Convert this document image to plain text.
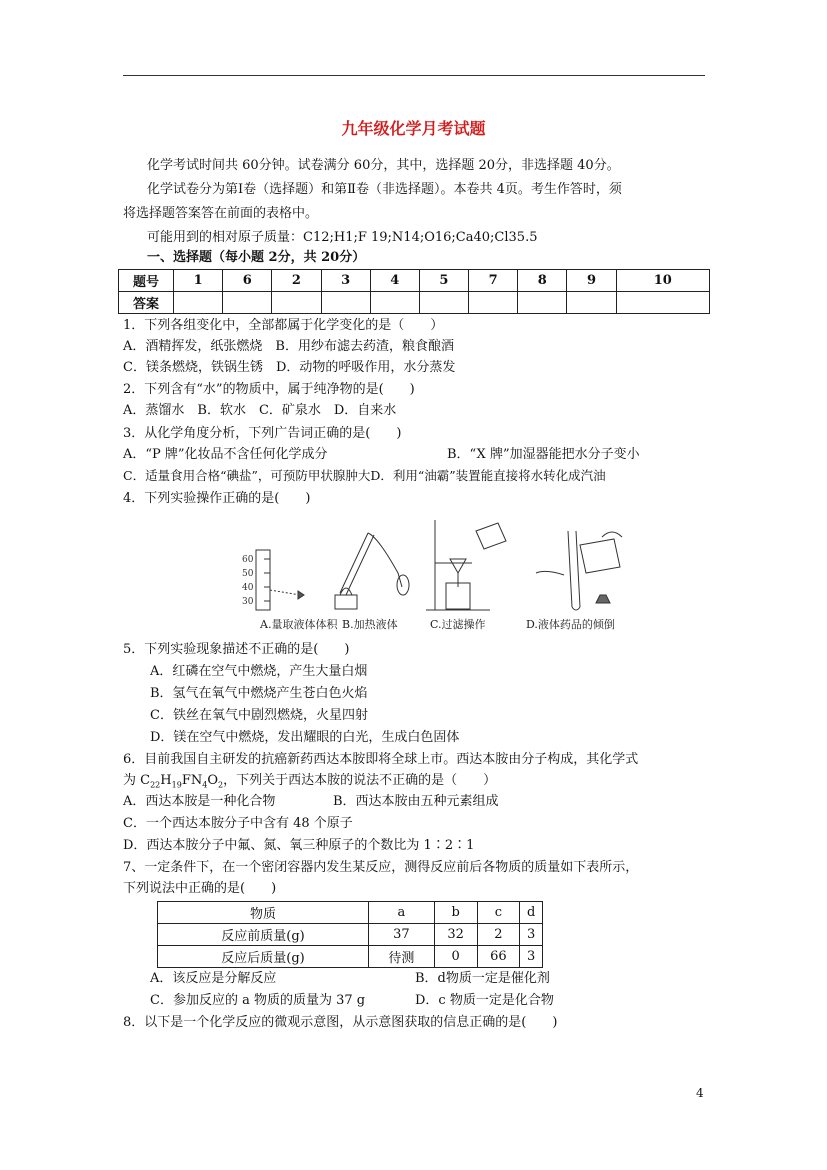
九年级化学月考试题
化学考试时间共 60分钟。试卷满分 60分，其中，选择题 20分，非选择题 40分。
化学试卷分为第Ⅰ卷（选择题）和第Ⅱ卷（非选择题）。本卷共 4页。考生作答时，须
将选择题答案答在前面的表格中。
可能用到的相对原子质量：C12;H1;F 19;N14;O16;Ca40;Cl35.5
一、选择题（每小题 2分，共 20分）
题号	1	6	2	3	4	5	7	8	9	10
答案										
1．下列各组变化中，全部都属于化学变化的是（　　）
A．酒精挥发，纸张燃烧　B．用纱布滤去药渣，粮食酿酒
C．镁条燃烧，铁锅生锈　D．动物的呼吸作用，水分蒸发
2．下列含有“水”的物质中，属于纯净物的是(　　)
A．蒸馏水　B．软水　C．矿泉水　D．自来水
3．从化学角度分析，下列广告词正确的是(　　)
A．“P 牌”化妆品不含任何化学成分	B．“X 牌”加湿器能把水分子变小
C．适量食用合格“碘盐”，可预防甲状腺肿大D．利用“油霸”装置能直接将水转化成汽油
4．下列实验操作正确的是(　　)
60
50
40
30
A.量取液体体积 B.加热液体	C.过滤操作	D.液体药品的倾倒
5．下列实验现象描述不正确的是(　　)
A．红磷在空气中燃烧，产生大量白烟
B．氢气在氧气中燃烧产生苍白色火焰
C．铁丝在氧气中剧烈燃烧，火星四射
D．镁在空气中燃烧，发出耀眼的白光，生成白色固体
6．目前我国自主研发的抗癌新药西达本胺即将全球上市。西达本胺由分子构成，其化学式
为 $C_{22}H_{19}FN_4O_2$，下列关于西达本胺的说法不正确的是（　　）
A．西达本胺是一种化合物	B．西达本胺由五种元素组成
C．一个西达本胺分子中含有 48 个原子
D．西达本胺分子中氟、氮、氧三种原子的个数比为 1∶2∶1
7、一定条件下，在一个密闭容器内发生某反应，测得反应前后各物质的质量如下表所示，
下列说法中正确的是(　　)
物质	a	b	c	d
反应前质量(g)	37	32	2	3
反应后质量(g)	待测	0	66	3
A．该反应是分解反应	B．d物质一定是催化剂
C．参加反应的 a 物质的质量为 37 g	D．c 物质一定是化合物
8．以下是一个化学反应的微观示意图，从示意图获取的信息正确的是(　　)
4
